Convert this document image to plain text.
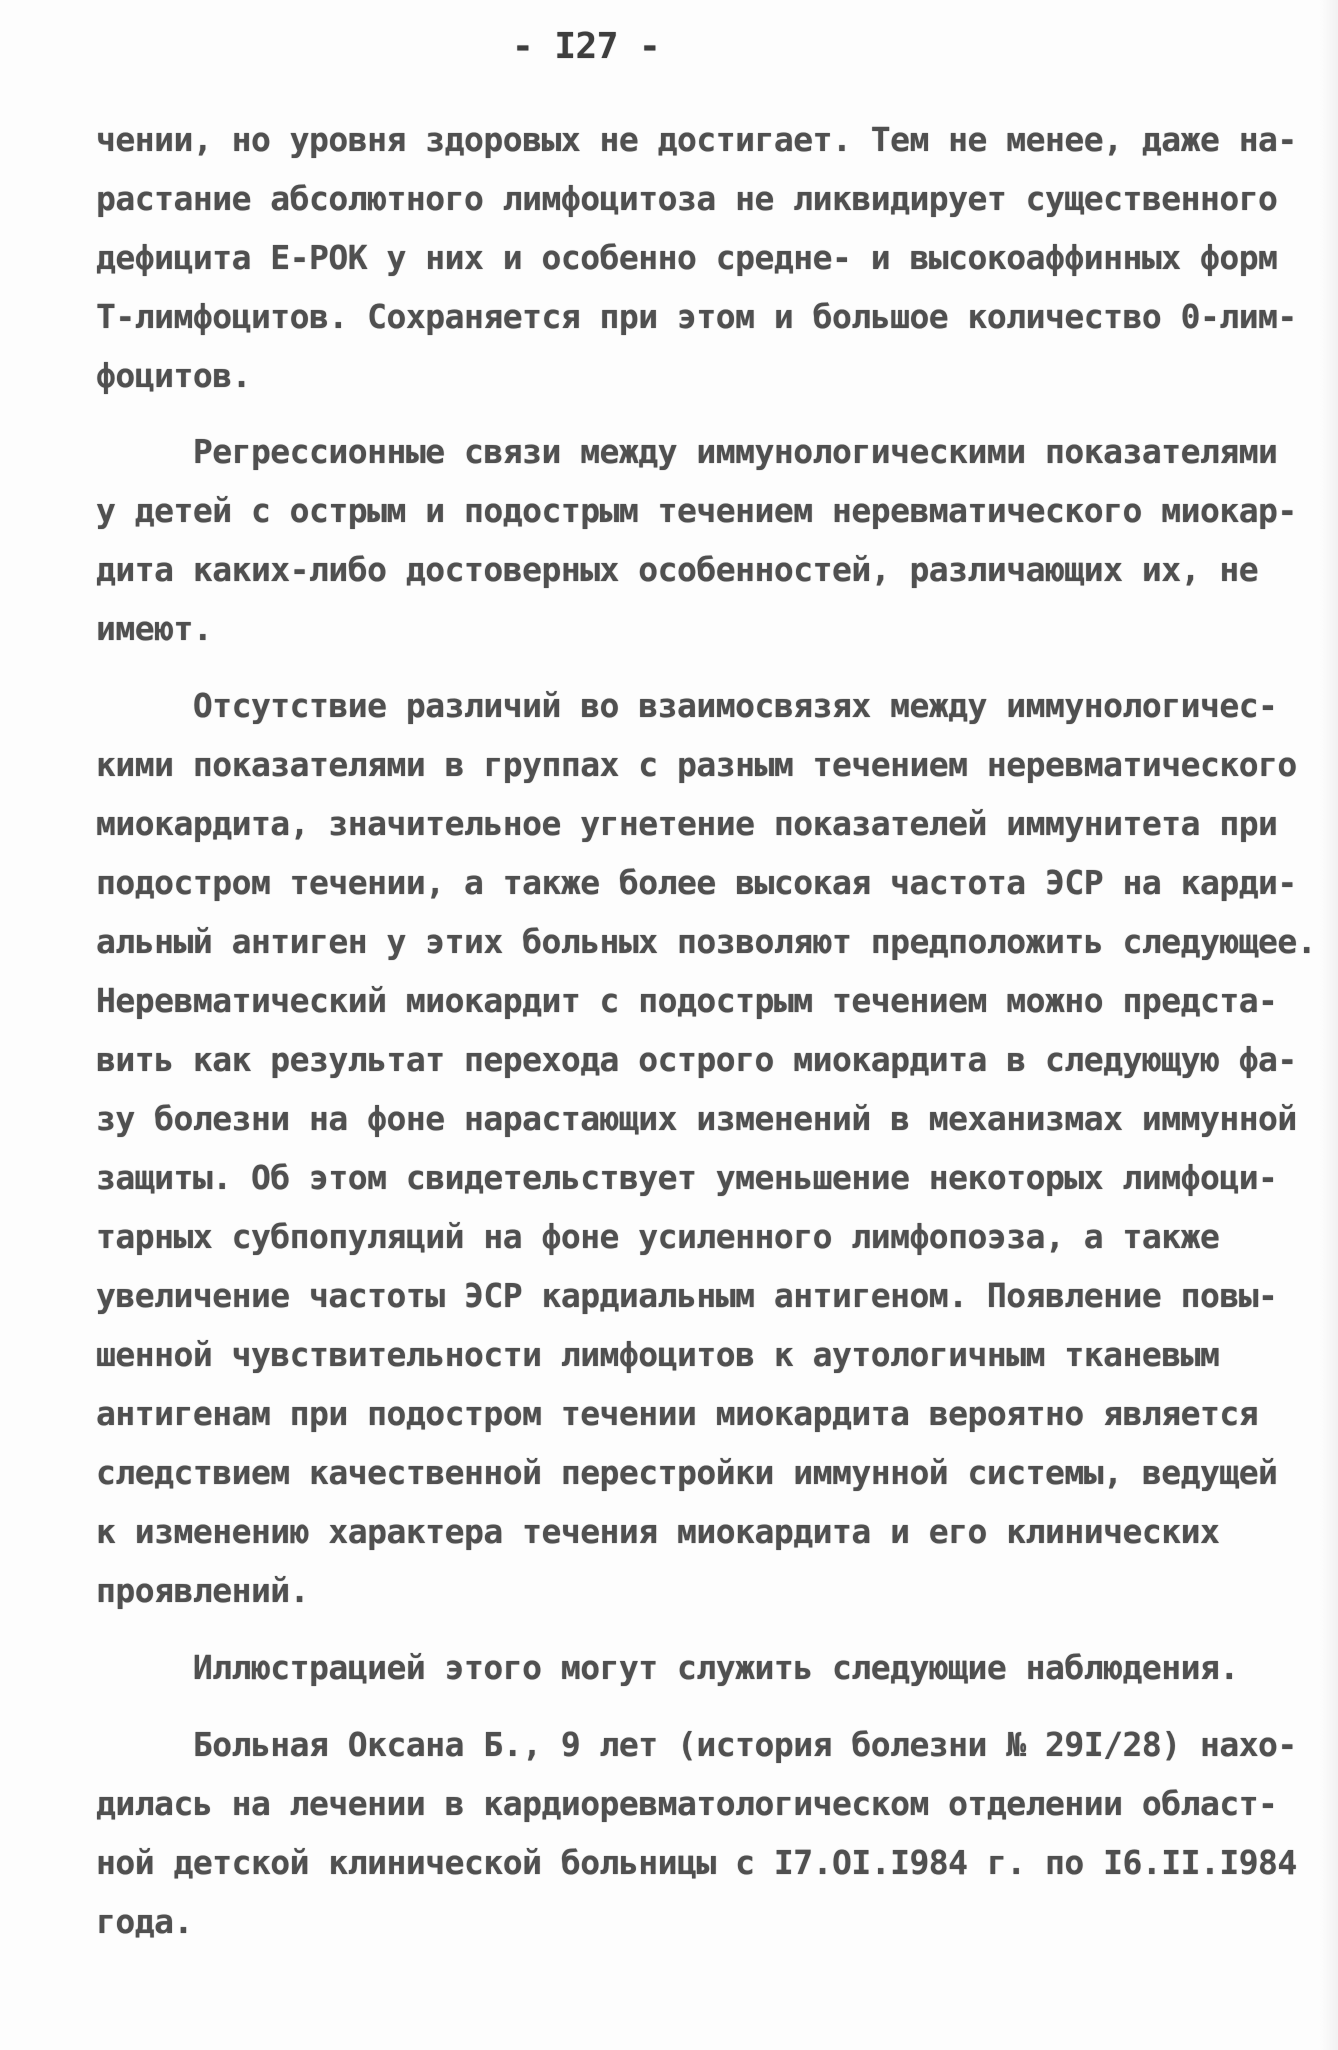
- I27 -
чении, но уровня здоровых не достигает. Тем не менее, даже на-
растание абсолютного лимфоцитоза не ликвидирует существенного
дефицита Е-РОК у них и особенно средне- и высокоаффинных форм
Т-лимфоцитов. Сохраняется при этом и большое количество 0-лим-
фоцитов.
Регрессионные связи между иммунологическими показателями
у детей с острым и подострым течением неревматического миокар-
дита каких-либо достоверных особенностей, различающих их, не
имеют.
Отсутствие различий во взаимосвязях между иммунологичес-
кими показателями в группах с разным течением неревматического
миокардита, значительное угнетение показателей иммунитета при
подостром течении, а также более высокая частота ЭСР на карди-
альный антиген у этих больных позволяют предположить следующее.
Неревматический миокардит с подострым течением можно предста-
вить как результат перехода острого миокардита в следующую фа-
зу болезни на фоне нарастающих изменений в механизмах иммунной
защиты. Об этом свидетельствует уменьшение некоторых лимфоци-
тарных субпопуляций на фоне усиленного лимфопоэза, а также
увеличение частоты ЭСР кардиальным антигеном. Появление повы-
шенной чувствительности лимфоцитов к аутологичным тканевым
антигенам при подостром течении миокардита вероятно является
следствием качественной перестройки иммунной системы, ведущей
к изменению характера течения миокардита и его клинических
проявлений.
Иллюстрацией этого могут служить следующие наблюдения.
Больная Оксана Б., 9 лет (история болезни № 29I/28) нахо-
дилась на лечении в кардиоревматологическом отделении област-
ной детской клинической больницы с I7.ОI.I984 г. по I6.II.I984
года.
